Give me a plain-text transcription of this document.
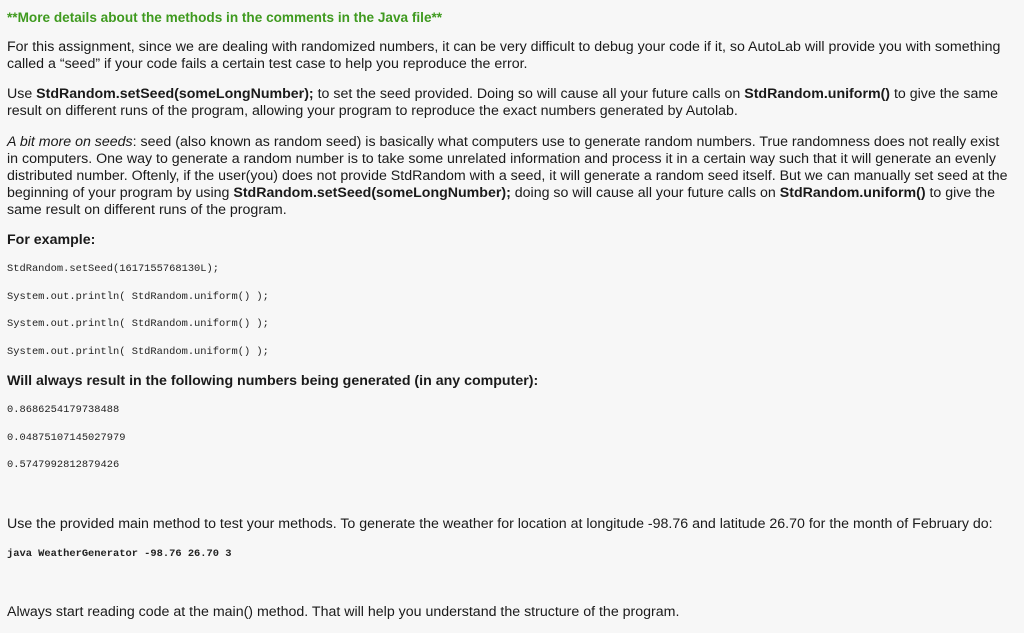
**More details about the methods in the comments in the Java file**

For this assignment, since we are dealing with randomized numbers, it can be very difficult to debug your code if it, so AutoLab will provide you with something called a “seed” if your code fails a certain test case to help you reproduce the error.

Use StdRandom.setSeed(someLongNumber); to set the seed provided. Doing so will cause all your future calls on StdRandom.uniform() to give the same result on different runs of the program, allowing your program to reproduce the exact numbers generated by Autolab.

A bit more on seeds: seed (also known as random seed) is basically what computers use to generate random numbers. True randomness does not really exist in computers. One way to generate a random number is to take some unrelated information and process it in a certain way such that it will generate an evenly distributed number. Oftenly, if the user(you) does not provide StdRandom with a seed, it will generate a random seed itself. But we can manually set seed at the beginning of your program by using StdRandom.setSeed(someLongNumber); doing so will cause all your future calls on StdRandom.uniform() to give the same result on different runs of the program.

For example:

StdRandom.setSeed(1617155768130L);

System.out.println( StdRandom.uniform() );

System.out.println( StdRandom.uniform() );

System.out.println( StdRandom.uniform() );

Will always result in the following numbers being generated (in any computer):

0.8686254179738488

0.04875107145027979

0.5747992812879426

Use the provided main method to test your methods. To generate the weather for location at longitude -98.76 and latitude 26.70 for the month of February do:

java WeatherGenerator -98.76 26.70 3

Always start reading code at the main() method. That will help you understand the structure of the program.
